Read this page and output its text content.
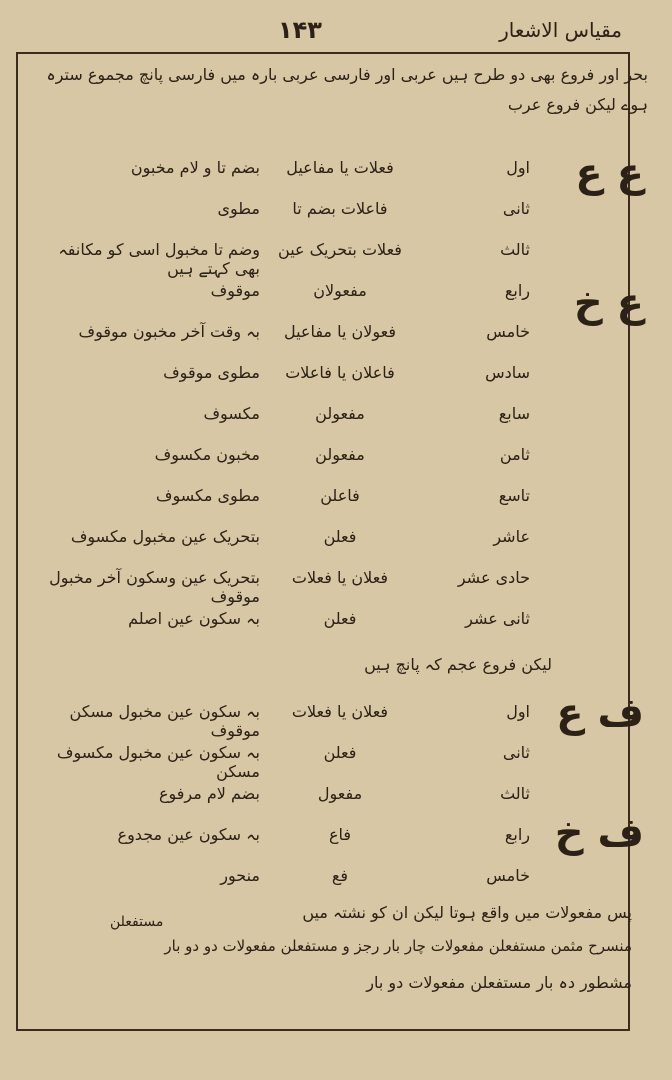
مقیاس الاشعار
۱۴۳
بحر اور فروع بھی دو طرح ہیں عربی اور فارسی عربی بارہ میں فارسی پانچ مجموع سترہ ہوے لیکن فروع عرب
ع ع
ع خ
اول
فعلات یا مفاعیل
بضم تا و لام مخبون
ثانی
فاعلات بضم تا
مطوی
ثالث
فعلات بتحریک عین
وضم تا مخبول اسی کو مکانفہ بھی کہتے ہیں
رابع
مفعولان
موقوف
خامس
فعولان یا مفاعیل
بہ وقت آخر مخبون موقوف
سادس
فاعلان یا فاعلات
مطوی موقوف
سابع
مفعولن
مکسوف
ثامن
مفعولن
مخبون مکسوف
تاسع
فاعلن
مطوی مکسوف
عاشر
فعلن
بتحریک عین مخبول مکسوف
حادی عشر
فعلان یا فعلات
بتحریک عین وسکون آخر مخبول موقوف
ثانی عشر
فعلن
بہ سکون عین اصلم
لیکن فروع عجم کہ پانچ ہیں
ف ع
ف خ
اول
فعلان یا فعلات
بہ سکون عین مخبول مسکن موقوف
ثانی
فعلن
بہ سکون عین مخبول مکسوف مسکن
ثالث
مفعول
بضم لام مرفوع
رابع
فاع
بہ سکون عین مجدوع
خامس
فع
منحور
پس مفعولات میں واقع ہوتا لیکن ان کو نشتہ میں
منسرح مثمن مستفعلن مفعولات چار بار رجز و مستفعلن مفعولات دو دو بار
مشطور دہ بار مستفعلن مفعولات دو بار
مستفعلن
